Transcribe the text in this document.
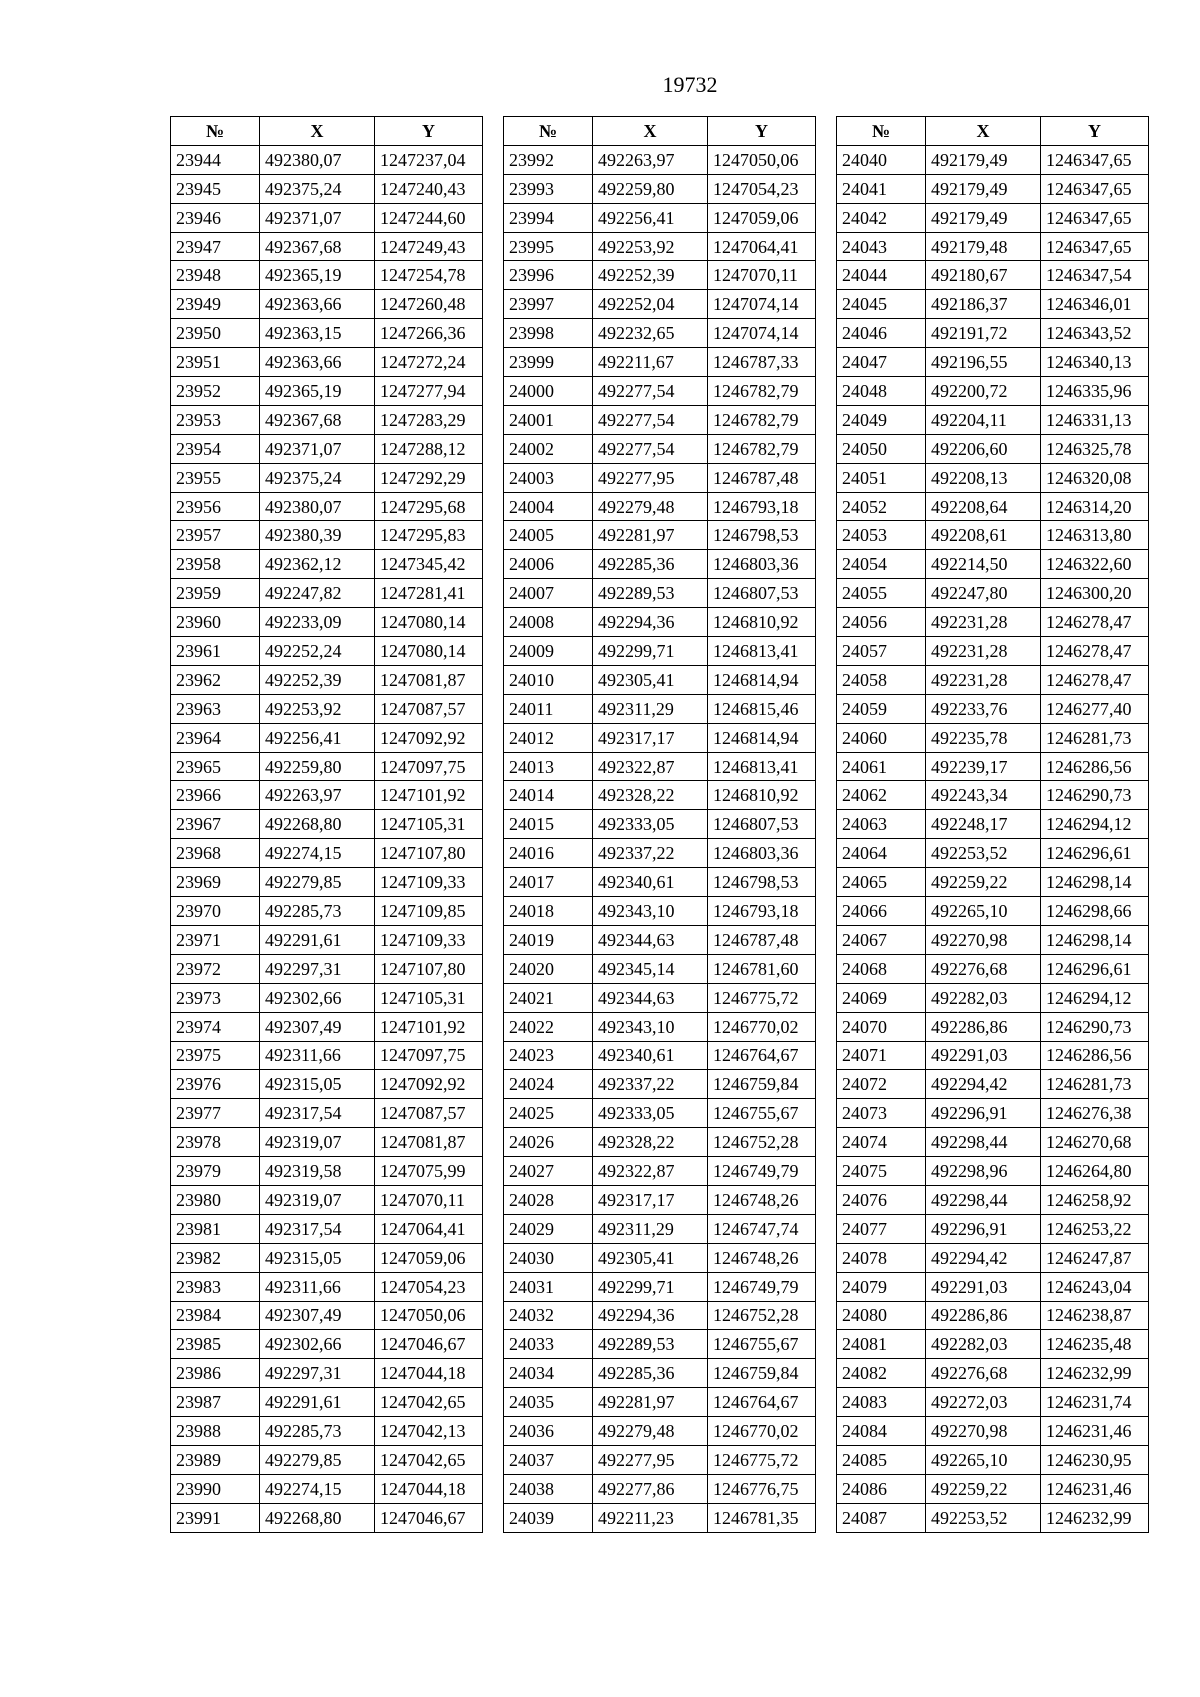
19732
№	X	Y
23944	492380,07	1247237,04
23945	492375,24	1247240,43
23946	492371,07	1247244,60
23947	492367,68	1247249,43
23948	492365,19	1247254,78
23949	492363,66	1247260,48
23950	492363,15	1247266,36
23951	492363,66	1247272,24
23952	492365,19	1247277,94
23953	492367,68	1247283,29
23954	492371,07	1247288,12
23955	492375,24	1247292,29
23956	492380,07	1247295,68
23957	492380,39	1247295,83
23958	492362,12	1247345,42
23959	492247,82	1247281,41
23960	492233,09	1247080,14
23961	492252,24	1247080,14
23962	492252,39	1247081,87
23963	492253,92	1247087,57
23964	492256,41	1247092,92
23965	492259,80	1247097,75
23966	492263,97	1247101,92
23967	492268,80	1247105,31
23968	492274,15	1247107,80
23969	492279,85	1247109,33
23970	492285,73	1247109,85
23971	492291,61	1247109,33
23972	492297,31	1247107,80
23973	492302,66	1247105,31
23974	492307,49	1247101,92
23975	492311,66	1247097,75
23976	492315,05	1247092,92
23977	492317,54	1247087,57
23978	492319,07	1247081,87
23979	492319,58	1247075,99
23980	492319,07	1247070,11
23981	492317,54	1247064,41
23982	492315,05	1247059,06
23983	492311,66	1247054,23
23984	492307,49	1247050,06
23985	492302,66	1247046,67
23986	492297,31	1247044,18
23987	492291,61	1247042,65
23988	492285,73	1247042,13
23989	492279,85	1247042,65
23990	492274,15	1247044,18
23991	492268,80	1247046,67
№	X	Y
23992	492263,97	1247050,06
23993	492259,80	1247054,23
23994	492256,41	1247059,06
23995	492253,92	1247064,41
23996	492252,39	1247070,11
23997	492252,04	1247074,14
23998	492232,65	1247074,14
23999	492211,67	1246787,33
24000	492277,54	1246782,79
24001	492277,54	1246782,79
24002	492277,54	1246782,79
24003	492277,95	1246787,48
24004	492279,48	1246793,18
24005	492281,97	1246798,53
24006	492285,36	1246803,36
24007	492289,53	1246807,53
24008	492294,36	1246810,92
24009	492299,71	1246813,41
24010	492305,41	1246814,94
24011	492311,29	1246815,46
24012	492317,17	1246814,94
24013	492322,87	1246813,41
24014	492328,22	1246810,92
24015	492333,05	1246807,53
24016	492337,22	1246803,36
24017	492340,61	1246798,53
24018	492343,10	1246793,18
24019	492344,63	1246787,48
24020	492345,14	1246781,60
24021	492344,63	1246775,72
24022	492343,10	1246770,02
24023	492340,61	1246764,67
24024	492337,22	1246759,84
24025	492333,05	1246755,67
24026	492328,22	1246752,28
24027	492322,87	1246749,79
24028	492317,17	1246748,26
24029	492311,29	1246747,74
24030	492305,41	1246748,26
24031	492299,71	1246749,79
24032	492294,36	1246752,28
24033	492289,53	1246755,67
24034	492285,36	1246759,84
24035	492281,97	1246764,67
24036	492279,48	1246770,02
24037	492277,95	1246775,72
24038	492277,86	1246776,75
24039	492211,23	1246781,35
№	X	Y
24040	492179,49	1246347,65
24041	492179,49	1246347,65
24042	492179,49	1246347,65
24043	492179,48	1246347,65
24044	492180,67	1246347,54
24045	492186,37	1246346,01
24046	492191,72	1246343,52
24047	492196,55	1246340,13
24048	492200,72	1246335,96
24049	492204,11	1246331,13
24050	492206,60	1246325,78
24051	492208,13	1246320,08
24052	492208,64	1246314,20
24053	492208,61	1246313,80
24054	492214,50	1246322,60
24055	492247,80	1246300,20
24056	492231,28	1246278,47
24057	492231,28	1246278,47
24058	492231,28	1246278,47
24059	492233,76	1246277,40
24060	492235,78	1246281,73
24061	492239,17	1246286,56
24062	492243,34	1246290,73
24063	492248,17	1246294,12
24064	492253,52	1246296,61
24065	492259,22	1246298,14
24066	492265,10	1246298,66
24067	492270,98	1246298,14
24068	492276,68	1246296,61
24069	492282,03	1246294,12
24070	492286,86	1246290,73
24071	492291,03	1246286,56
24072	492294,42	1246281,73
24073	492296,91	1246276,38
24074	492298,44	1246270,68
24075	492298,96	1246264,80
24076	492298,44	1246258,92
24077	492296,91	1246253,22
24078	492294,42	1246247,87
24079	492291,03	1246243,04
24080	492286,86	1246238,87
24081	492282,03	1246235,48
24082	492276,68	1246232,99
24083	492272,03	1246231,74
24084	492270,98	1246231,46
24085	492265,10	1246230,95
24086	492259,22	1246231,46
24087	492253,52	1246232,99
